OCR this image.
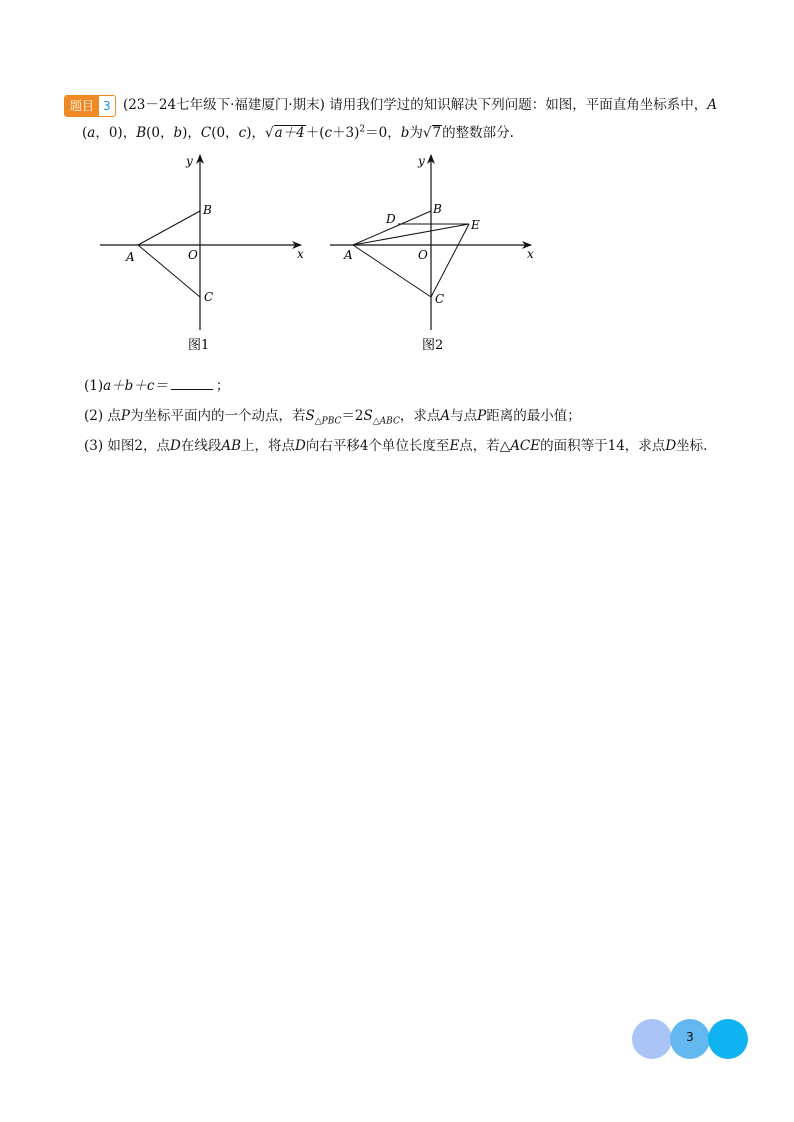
题目 3 (23－24七年级下·福建厦门·期末) 请用我们学过的知识解决下列问题：如图，平面直角坐标系中，A
(a，0)，B(0，b)，C(0，c)，$√a+4+(c+3)^2=0$，b为√7的整数部分.
y
x
O
A
B
C
图1
y
x
O
A
B
C
D	E
图2
(1)a＋b＋c＝	；
(2) 点P为坐标平面内的一个动点，若$S_{\triangle PBC}=2S_{\triangle ABC}$，求点A与点P距离的最小值；
(3) 如图2，点D在线段AB上，将点D向右平移4个单位长度至E点，若△ACE的面积等于14，求点D坐标.
3
